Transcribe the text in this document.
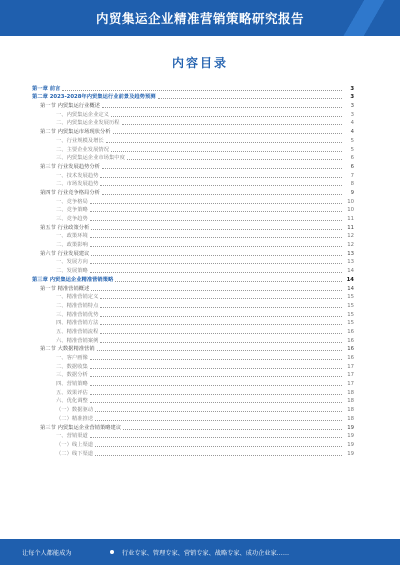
内贸集运企业精准营销策略研究报告
内容目录
第一章 前言	3
第二章 2023-2028年内贸集运行业前景及趋势预测	3
第一节 内贸集运行业概述	3
一、内贸集运企业定义	3
二、内贸集运企业发展历程	4
第二节 内贸集运市场现状分析	4
一、行业规模及增长	5
二、主要企业发展情况	5
三、内贸集运企业市场集中度	6
第三节 行业发展趋势分析	6
一、技术发展趋势	7
二、市场发展趋势	8
第四节 行业竞争格局分析	9
一、竞争格局	10
二、竞争策略	10
三、竞争趋势	11
第五节 行业政策分析	11
一、政策环境	12
二、政策影响	12
第六节 行业发展建议	13
一、发展方向	13
二、发展策略	14
第三章 内贸集运企业精准营销策略	14
第一节 精准营销概述	14
一、精准营销定义	15
二、精准营销特点	15
三、精准营销优势	15
四、精准营销方法	15
五、精准营销流程	16
六、精准营销案例	16
第二节 大数据精准营销	16
一、客户画像	16
二、数据收集	17
三、数据分析	17
四、营销策略	17
五、效果评估	18
六、优化调整	18
（一）数据驱动	18
（二）精准推送	18
第三节 内贸集运企业营销策略建议	19
一、营销渠道	19
（一）线上渠道	19
（二）线下渠道	19
让每个人都能成为	行业专家、管理专家、营销专家、战略专家、成功企业家……
